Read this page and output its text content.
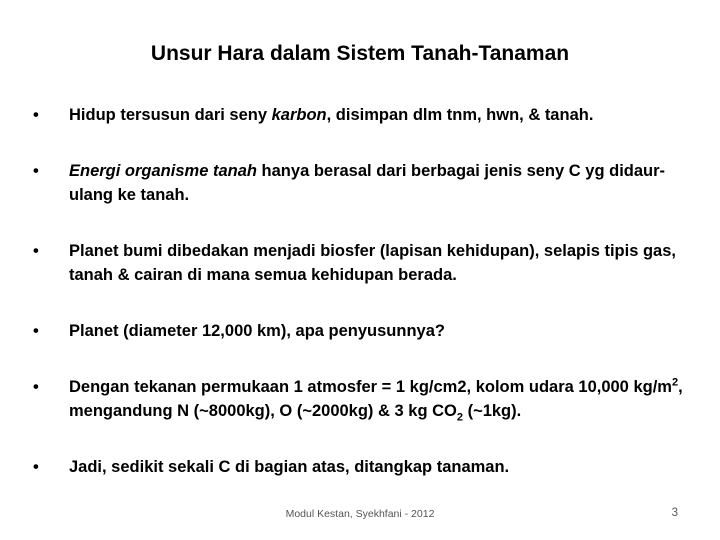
Unsur Hara dalam Sistem Tanah-Tanaman
•	Hidup tersusun dari seny karbon, disimpan dlm tnm, hwn, & tanah.
•	Energi organisme tanah hanya berasal dari berbagai jenis seny C yg didaur-ulang ke tanah.
•	Planet bumi dibedakan menjadi biosfer (lapisan kehidupan), selapis tipis gas, tanah & cairan di mana semua kehidupan berada.
•	Planet (diameter 12,000 km), apa penyusunnya?
•	Dengan tekanan permukaan 1 atmosfer = 1 kg/cm2, kolom udara 10,000 $kg/m^2$, mengandung N (~8000kg), O (~2000kg) & 3 kg $CO_2$ (~1kg).
•	Jadi, sedikit sekali C di bagian atas, ditangkap tanaman.
Modul Kestan, Syekhfani - 2012	3
